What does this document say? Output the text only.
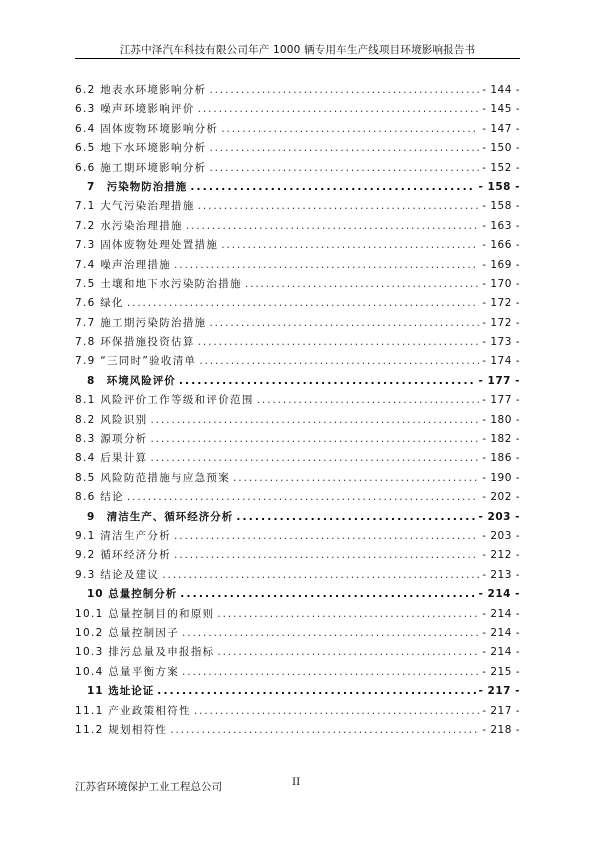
江苏中泽汽车科技有限公司年产 1000 辆专用车生产线项目环境影响报告书
6.2 地表水环境影响分析 .....	- 144 -
6.3 噪声环境影响评价 .....	- 145 -
6.4 固体废物环境影响分析 .....	- 147 -
6.5 地下水环境影响分析 .....	- 150 -
6.6 施工期环境影响分析 .....	- 152 -
7　污染物防治措施 .....	- 158 -
7.1 大气污染治理措施 .....	- 158 -
7.2 水污染治理措施 .....	- 163 -
7.3 固体废物处理处置措施 .....	- 166 -
7.4 噪声治理措施 .....	- 169 -
7.5 土壤和地下水污染防治措施 .....	- 170 -
7.6 绿化 .....	- 172 -
7.7 施工期污染防治措施 .....	- 172 -
7.8 环保措施投资估算 .....	- 173 -
7.9 “三同时”验收清单 .....	- 174 -
8　环境风险评价 .....	- 177 -
8.1 风险评价工作等级和评价范围 .....	- 177 -
8.2 风险识别 .....	- 180 -
8.3 源项分析 .....	- 182 -
8.4 后果计算 .....	- 186 -
8.5 风险防范措施与应急预案 .....	- 190 -
8.6 结论 .....	- 202 -
9　清洁生产、循环经济分析 .....	- 203 -
9.1 清洁生产分析 .....	- 203 -
9.2 循环经济分析 .....	- 212 -
9.3 结论及建议 .....	- 213 -
10 总量控制分析 .....	- 214 -
10.1 总量控制目的和原则 .....	- 214 -
10.2 总量控制因子 .....	- 214 -
10.3 排污总量及申报指标 .....	- 214 -
10.4 总量平衡方案 .....	- 215 -
11 选址论证 .....	- 217 -
11.1 产业政策相符性 .....	- 217 -
11.2 规划相符性 .....	- 218 -
江苏省环境保护工业工程总公司	II
